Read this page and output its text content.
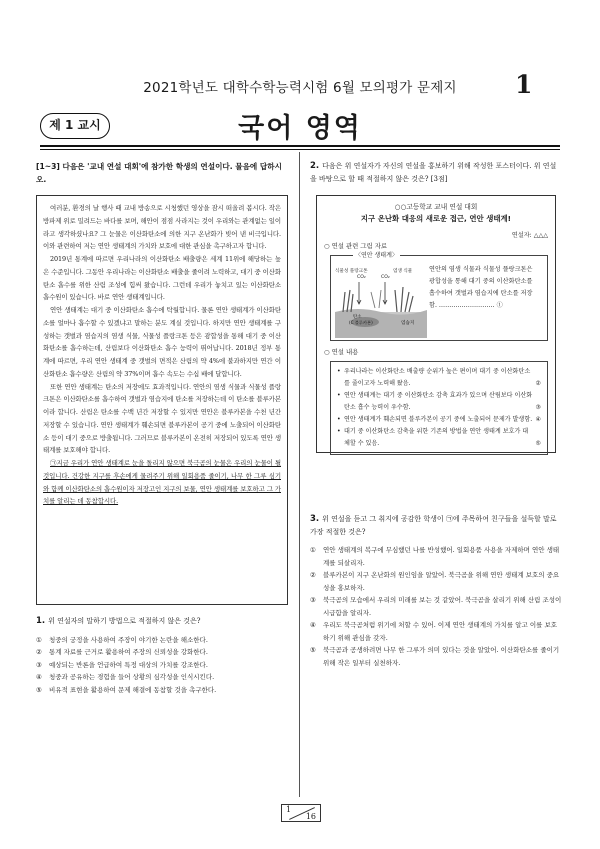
2021학년도 대학수학능력시험 6월 모의평가 문제지	1
제 1 교시	국어 영역
[1~3] 다음은 '교내 연설 대회'에 참가한 학생의 연설이다. 물음에 답하시오.

여러분, 환경의 날 행사 때 교내 방송으로 시청했던 영상을 잠시 떠올려 봅시다. 작은 방파제 위로 밀려드는 바다를 보며, 해안이 점점 사라지는 것이 우리와는 관계없는 일이라고 생각하셨나요? 그 눈물은 이산화탄소에 의한 지구 온난화가 빚어 낸 비극입니다. 이와 관련하여 저는 연안 생태계의 가치와 보호에 대한 관심을 촉구하고자 합니다.

2019년 통계에 따르면 우리나라의 이산화탄소 배출량은 세계 11위에 해당하는 높은 수준입니다. 그동안 우리나라는 이산화탄소 배출을 줄이려 노력하고, 대기 중 이산화탄소 흡수를 위한 산림 조성에 힘써 왔습니다. 그런데 우리가 놓치고 있는 이산화탄소 흡수원이 있습니다. 바로 연안 생태계입니다.

연안 생태계는 대기 중 이산화탄소 흡수에 탁월합니다. 물론 연안 생태계가 이산화탄소를 얼마나 흡수할 수 있겠냐고 말하는 분도 계실 것입니다. 하지만 연안 생태계를 구성하는 갯벌과 염습지의 염생 식물, 식물성 플랑크톤 등은 광합성을 통해 대기 중 이산화탄소를 흡수하는데, 산림보다 이산화탄소 흡수 능력이 뛰어납니다. 2018년 정부 통계에 따르면, 우리 연안 생태계 중 갯벌의 면적은 산림의 약 4%에 불과하지만 연간 이산화탄소 흡수량은 산림의 약 37%이며 흡수 속도는 수십 배에 달합니다.

또한 연안 생태계는 탄소의 저장에도 효과적입니다. 연안의 염생 식물과 식물성 플랑크톤은 이산화탄소를 흡수하여 갯벌과 염습지에 탄소를 저장하는데 이 탄소를 블루카본이라 합니다. 산림은 탄소를 수백 년간 저장할 수 있지만 연안은 블루카본을 수천 년간 저장할 수 있습니다. 연안 생태계가 훼손되면 블루카본이 공기 중에 노출되어 이산화탄소 등이 대기 중으로 방출됩니다. 그러므로 블루카본이 온전히 저장되어 있도록 연안 생태계를 보호해야 합니다.

㉠지금 우리가 연안 생태계로 눈을 돌리지 않으면 북극곰의 눈물은 우리의 눈물이 될 것입니다. 건강한 지구를 후손에게 물려주기 위해 일회용품 줄이기, 나무 한 그루 심기와 함께 이산화탄소의 흡수원이자 저장고인 지구의 보물, 연안 생태계를 보호하고 그 가치를 알리는 데 동참합시다.

1. 위 연설자의 말하기 방법으로 적절하지 않은 것은?
① 청중의 궁정을 사용하여 주장이 야기한 논란을 해소한다.
② 통계 자료를 근거로 활용하여 주장의 신뢰성을 강화한다.
③ 예상되는 반론을 언급하여 특정 대상의 가치를 강조한다.
④ 청중과 공유하는 경험을 들어 상황의 심각성을 인식시킨다.
⑤ 비유적 표현을 활용하여 문제 해결에 동참할 것을 촉구한다.
2. 다음은 위 연설자가 자신의 연설을 홍보하기 위해 작성한 포스터이다. 위 연설을 바탕으로 할 때 적절하지 않은 것은? [3점]
○○고등학교 교내 연설 대회
지구 온난화 대응의 새로운 접근, 연안 생태계!
연설자: △△△
○ 연설 관련 그림 자료
〈연안 생태계〉
식물성 플랑크톤
CO₂	CO₂
염생 식물
탄소
(C 블루카본)	염습지
연안의 염생 식물과 식물성 플랑크톤은 광합성을 통해 대기 중의 이산화탄소를 흡수하여 갯벌과 염습지에 탄소를 저장함. ……………………… ①
○ 연설 내용
• 우리나라는 이산화탄소 배출량 순위가 높은 편이며 대기 중 이산화탄소를 줄이고자 노력해 왔음.	②
• 연안 생태계는 대기 중 이산화탄소 감축 효과가 있으며 산림보다 이산화탄소 흡수 능력이 우수함.	③
• 연안 생태계가 훼손되면 블루카본이 공기 중에 노출되어 문제가 발생함. ④
• 대기 중 이산화탄소 감축을 위한 기존의 방법을 연안 생태계 보호가 대체할 수 있음.	⑤
3. 위 연설을 듣고 그 취지에 공감한 학생이 ㉠에 주목하여 친구들을 설득할 말로 가장 적절한 것은?
① 연안 생태계의 복구에 무심했던 나를 반성했어. 일회용품 사용을 자제하며 연안 생태계를 되살리자.
② 블루카본이 지구 온난화의 원인임을 알았어. 북극곰을 위해 연안 생태계 보호의 중요성을 홍보하자.
③ 북극곰의 모습에서 우리의 미래를 보는 것 같았어. 북극곰을 살리기 위해 산림 조성이 시급함을 알리자.
④ 우리도 북극곰처럼 위기에 처할 수 있어. 이제 연안 생태계의 가치를 알고 이를 보호하기 위해 관심을 갖자.
⑤ 북극곰과 공생하려면 나무 한 그루가 의미 있다는 것을 알았어. 이산화탄소를 줄이기 위해 작은 일부터 실천하자.
1
16
